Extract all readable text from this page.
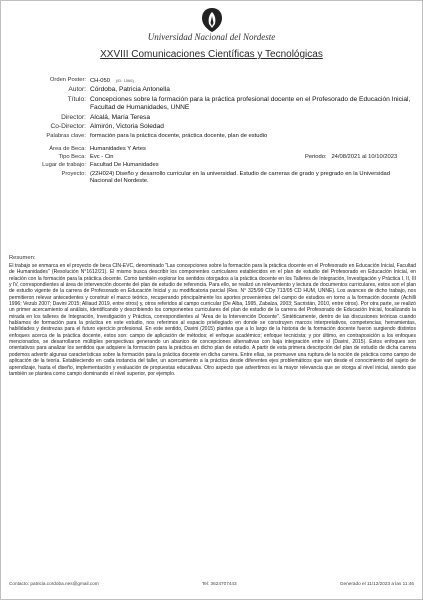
Universidad Nacional del Nordeste
XXVIII Comunicaciones Científicas y Tecnológicas
Orden Poster: CH-050 (ID: 1566)
Autor: Córdoba, Patricia Antonella
Título: Concepciones sobre la formación para la práctica profesional docente en el Profesorado de Educación Inicial, Facultad de Humanidades, UNNE
Director: Alcalá, María Teresa
Co-Director: Almirón, Victoria Soledad
Palabras clave: formación para la práctica docente, práctica docente, plan de estudio
Área de Beca: Humanidades Y Artes
Tipo Beca: Evc - Cin	Periodo: 24/08/2021 al 10/10/2023
Lugar de trabajo: Facultad De Humanidades
Proyecto: (22H024) Diseño y desarrollo curricular en la universidad. Estudio de carreras de grado y pregrado en la Universidad Nacional del Nordeste.
Resumen:
El trabajo se enmarca en el proyecto de beca CIN-EVC, denominado "Las concepciones sobre la formación para la práctica docente en el Profesorado en Educación Inicial, Facultad de Humanidades" (Resolución N°1612/21). El mismo busca describir los componentes curriculares establecidos en el plan de estudio del Profesorado en Educación Inicial, en relación con la formación para la práctica docente. Como también explorar los sentidos otorgados a la práctica docente en los Talleres de Integración, Investigación y Práctica I, II, III y IV, correspondientes al área de intervención docente del plan de estudio de referencia. Para ello, se realizó un relevamiento y lectura de documentos curriculares, estos son el plan de estudio vigente de la carrera de Profesorado en Educación Inicial y su modificatoria parcial (Res. N° 325/99 CDy 713/05 CD HUM, UNNE). Los avances de dicho trabajo, nos permitieron relevar antecedentes y construir el marco teórico, recuperando principalmente los aportes provenientes del campo de estudios en torno a la formación docente (Achilli 1996; Vezub 2007; Davini 2015; Alliaud 2019, entre otros) y, otros referidos al campo curricular (De Alba, 1995, Zabalza, 2003; Sacristán, 2010, entre otros). Por otra parte, se realizó un primer acercamiento al análisis, identificando y describiendo los componentes curriculares del plan de estudio de la carrera del Profesorado de Educación Inicial, focalizando la mirada en los talleres de Integración, Investigación y Práctica, correspondientes al "Área de la Intervención Docente". Sintéticamente, dentro de las discusiones teóricas cuando hablamos de formación para la práctica en este estudio, nos referimos al espacio privilegiado en donde se construyen marcos interpretativos, competencias, herramientas, habilidades y destrezas para el futuro ejercicio profesional. En este sentido, Davini (2015) plantea que a lo largo de la historia de la formación docente fueron surgiendo distintos enfoques acerca de la práctica docente, estos son: campo de aplicación de métodos; el enfoque académico; enfoque tecnicista; y por último, en contraposición a los enfoques mencionados, se desarrollaron múltiples perspectivas generando un abanico de concepciones alternativas con baja integración entre sí (Davini, 2015). Estos enfoques son orientativos para analizar los sentidos que adquiere la formación para la práctica en dicho plan de estudio. A partir de esta primera descripción del plan de estudio de dicha carrera podemos advertir algunas características sobre la formación para la práctica docente en dicha carrera. Entre ellas, se promueve una ruptura de la noción de práctica como campo de aplicación de la teoría. Estableciendo en cada instancia del taller, un acercamiento a la práctica desde diferentes ejes problemáticos que van desde el conocimiento del sujeto de aprendizaje, hasta el diseño, implementación y evaluación de propuestas educativas. Otro aspecto que advertimos es la mayor relevancia que se otorga al nivel inicial, siendo que también se plantea como campo dominando el nivel superior, por ejemplo.
Contacto: patricia.cordoba.nes@gmail.com	Tel: 3624707443	Generado el 11/12/2023 a las 11:46
